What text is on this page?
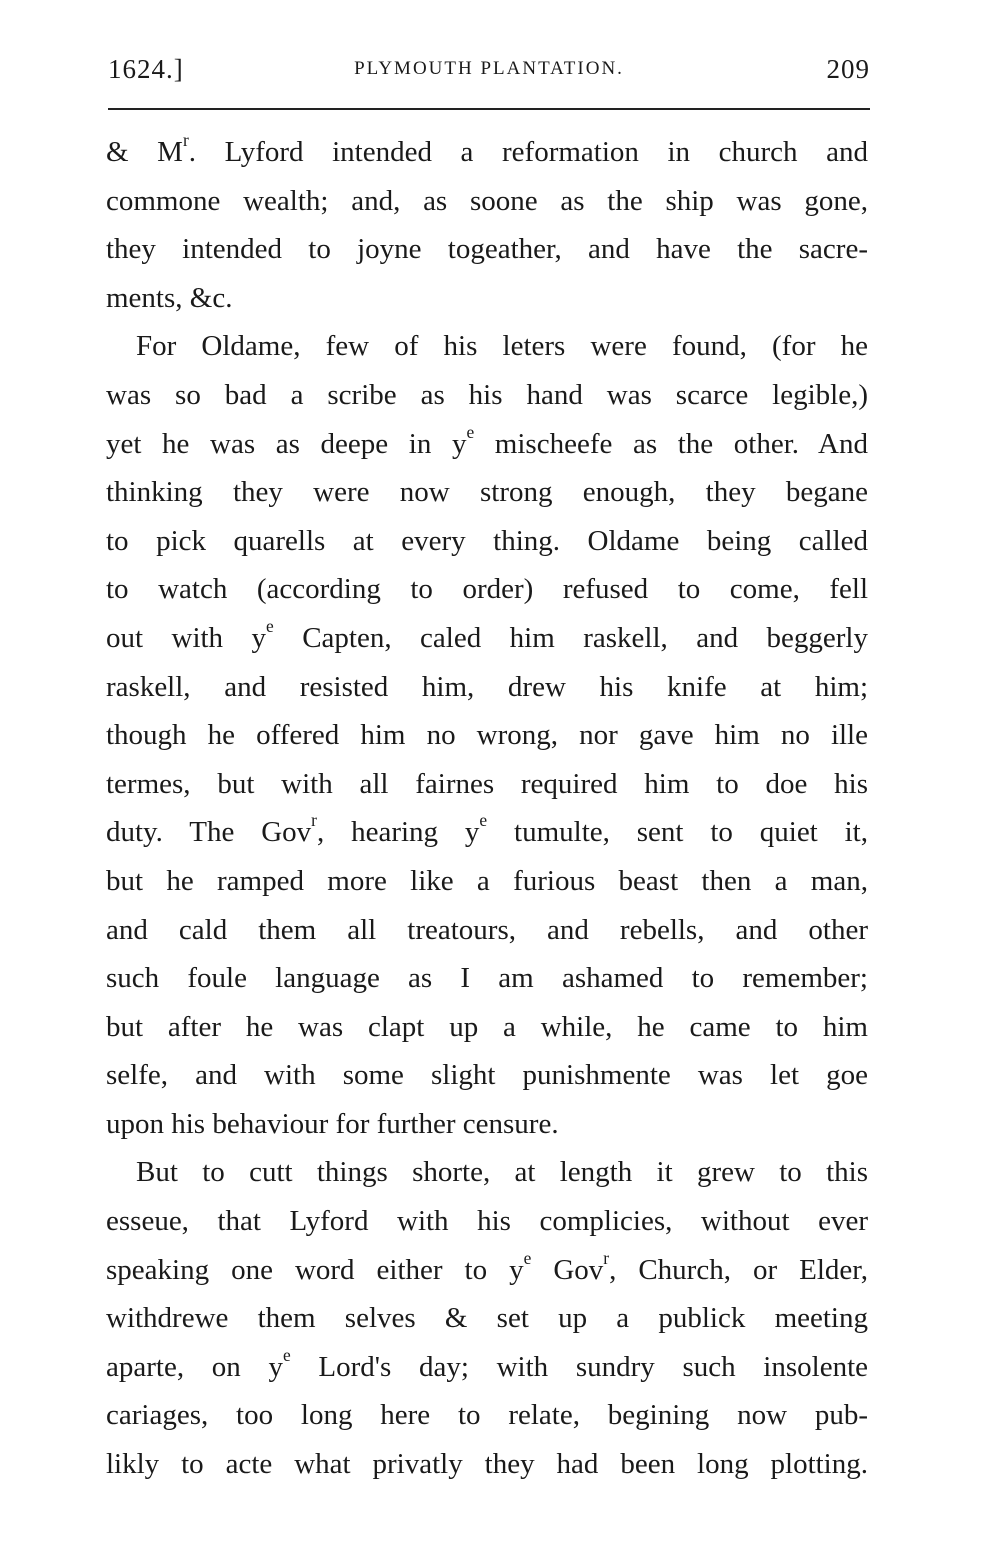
1624.]	PLYMOUTH PLANTATION.	209
& $M^r$. Lyford intended a reformation in church and
commone wealth; and, as soone as the ship was gone,
they intended to joyne togeather, and have the sacre-
ments, &c.
For Oldame, few of his leters were found, (for he
was so bad a scribe as his hand was scarce legible,)
yet he was as deepe in $y^e$ mischeefe as the other. And
thinking they were now strong enough, they begane
to pick quarells at every thing. Oldame being called
to watch (according to order) refused to come, fell
out with $y^e$ Capten, caled him raskell, and beggerly
raskell, and resisted him, drew his knife at him;
though he offered him no wrong, nor gave him no ille
termes, but with all fairnes required him to doe his
duty. The Gov$^r$, hearing $y^e$ tumulte, sent to quiet it,
but he ramped more like a furious beast then a man,
and cald them all treatours, and rebells, and other
such foule language as I am ashamed to remember;
but after he was clapt up a while, he came to him
selfe, and with some slight punishmente was let goe
upon his behaviour for further censure.
But to cutt things shorte, at length it grew to this
esseue, that Lyford with his complicies, without ever
speaking one word either to $y^e$ Gov$^r$, Church, or Elder,
withdrewe them selves & set up a publick meeting
aparte, on $y^e$ Lord's day; with sundry such insolente
cariages, too long here to relate, begining now pub-
likly to acte what privatly they had been long plotting.
